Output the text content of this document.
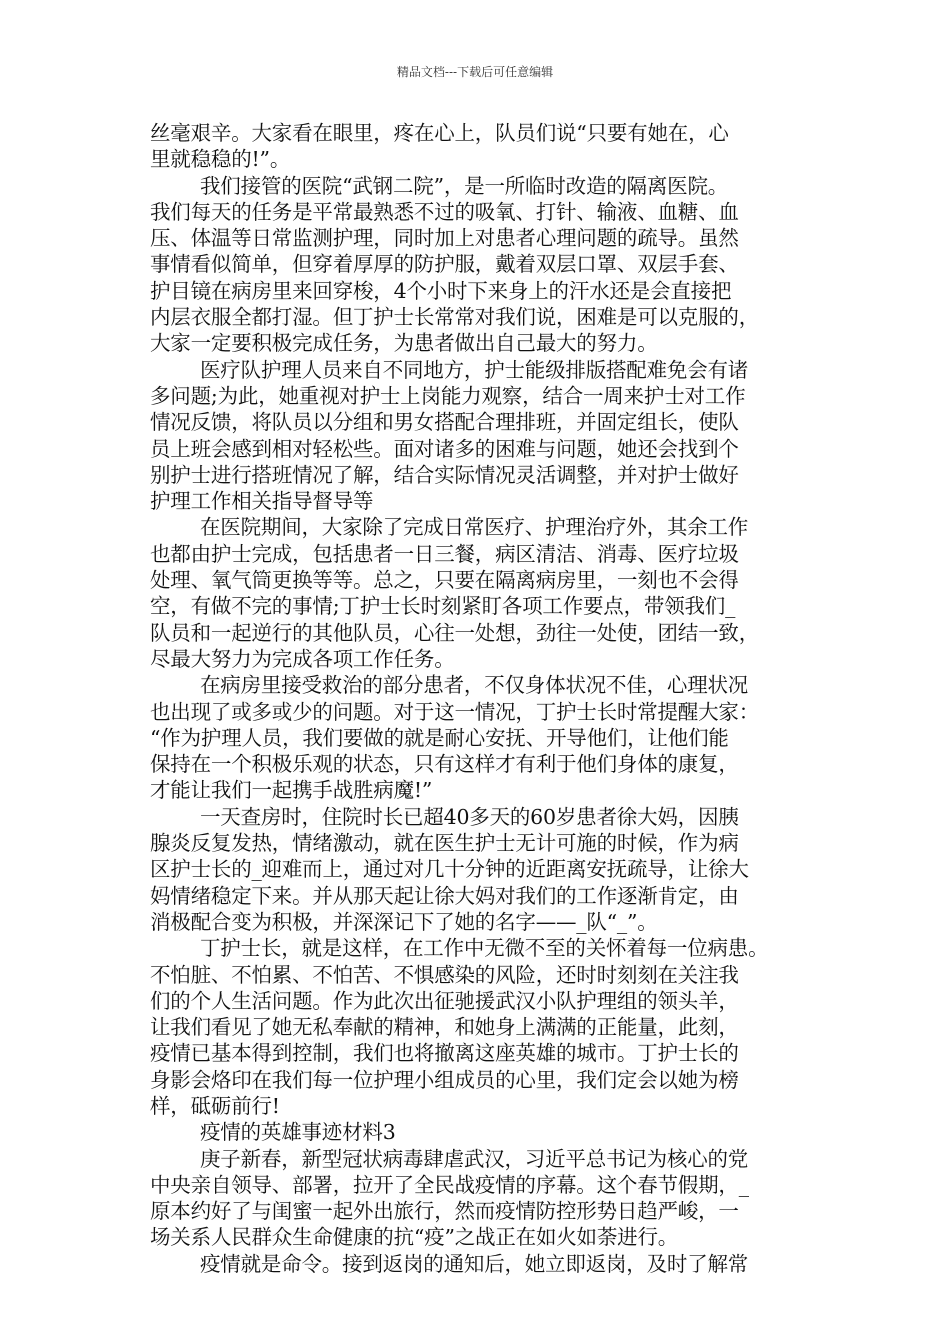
精品文档---下载后可任意编辑
丝毫艰辛。大家看在眼里，疼在心上，队员们说“只要有她在，心
里就稳稳的!”。
我们接管的医院“武钢二院”，是一所临时改造的隔离医院。
我们每天的任务是平常最熟悉不过的吸氧、打针、输液、血糖、血
压、体温等日常监测护理，同时加上对患者心理问题的疏导。虽然
事情看似简单，但穿着厚厚的防护服，戴着双层口罩、双层手套、
护目镜在病房里来回穿梭，4个小时下来身上的汗水还是会直接把
内层衣服全都打湿。但丁护士长常常对我们说，困难是可以克服的，
大家一定要积极完成任务，为患者做出自己最大的努力。
医疗队护理人员来自不同地方，护士能级排版搭配难免会有诸
多问题;为此，她重视对护士上岗能力观察，结合一周来护士对工作
情况反馈，将队员以分组和男女搭配合理排班，并固定组长，使队
员上班会感到相对轻松些。面对诸多的困难与问题，她还会找到个
别护士进行搭班情况了解，结合实际情况灵活调整，并对护士做好
护理工作相关指导督导等
在医院期间，大家除了完成日常医疗、护理治疗外，其余工作
也都由护士完成，包括患者一日三餐，病区清洁、消毒、医疗垃圾
处理、氧气筒更换等等。总之，只要在隔离病房里，一刻也不会得
空，有做不完的事情;丁护士长时刻紧盯各项工作要点，带领我们_
队员和一起逆行的其他队员，心往一处想，劲往一处使，团结一致，
尽最大努力为完成各项工作任务。
在病房里接受救治的部分患者，不仅身体状况不佳，心理状况
也出现了或多或少的问题。对于这一情况，丁护士长时常提醒大家：
“作为护理人员，我们要做的就是耐心安抚、开导他们，让他们能
保持在一个积极乐观的状态，只有这样才有利于他们身体的康复，
才能让我们一起携手战胜病魔!”
一天查房时，住院时长已超40多天的60岁患者徐大妈，因胰
腺炎反复发热，情绪激动，就在医生护士无计可施的时候，作为病
区护士长的_迎难而上，通过对几十分钟的近距离安抚疏导，让徐大
妈情绪稳定下来。并从那天起让徐大妈对我们的工作逐渐肯定，由
消极配合变为积极，并深深记下了她的名字——_队“_”。
丁护士长，就是这样，在工作中无微不至的关怀着每一位病患。
不怕脏、不怕累、不怕苦、不惧感染的风险，还时时刻刻在关注我
们的个人生活问题。作为此次出征驰援武汉小队护理组的领头羊，
让我们看见了她无私奉献的精神，和她身上满满的正能量，此刻，
疫情已基本得到控制，我们也将撤离这座英雄的城市。丁护士长的
身影会烙印在我们每一位护理小组成员的心里，我们定会以她为榜
样，砥砺前行!
疫情的英雄事迹材料3
庚子新春，新型冠状病毒肆虐武汉，习近平总书记为核心的党
中央亲自领导、部署，拉开了全民战疫情的序幕。这个春节假期，_
原本约好了与闺蜜一起外出旅行，然而疫情防控形势日趋严峻，一
场关系人民群众生命健康的抗“疫”之战正在如火如荼进行。
疫情就是命令。接到返岗的通知后，她立即返岗，及时了解常
